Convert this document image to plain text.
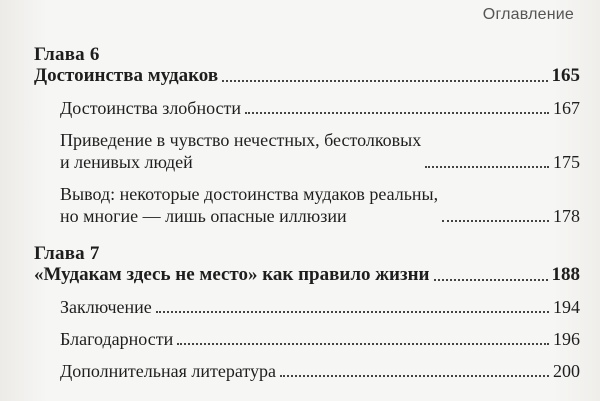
Оглавление
Глава 6
Достоинства мудаков	165
Достоинства злобности	167
Приведение в чувство нечестных, бестолковых
и ленивых людей	175
Вывод: некоторые достоинства мудаков реальны,
но многие — лишь опасные иллюзии	178
Глава 7
«Мудакам здесь не место» как правило жизни	188
Заключение	194
Благодарности	196
Дополнительная литература	200
